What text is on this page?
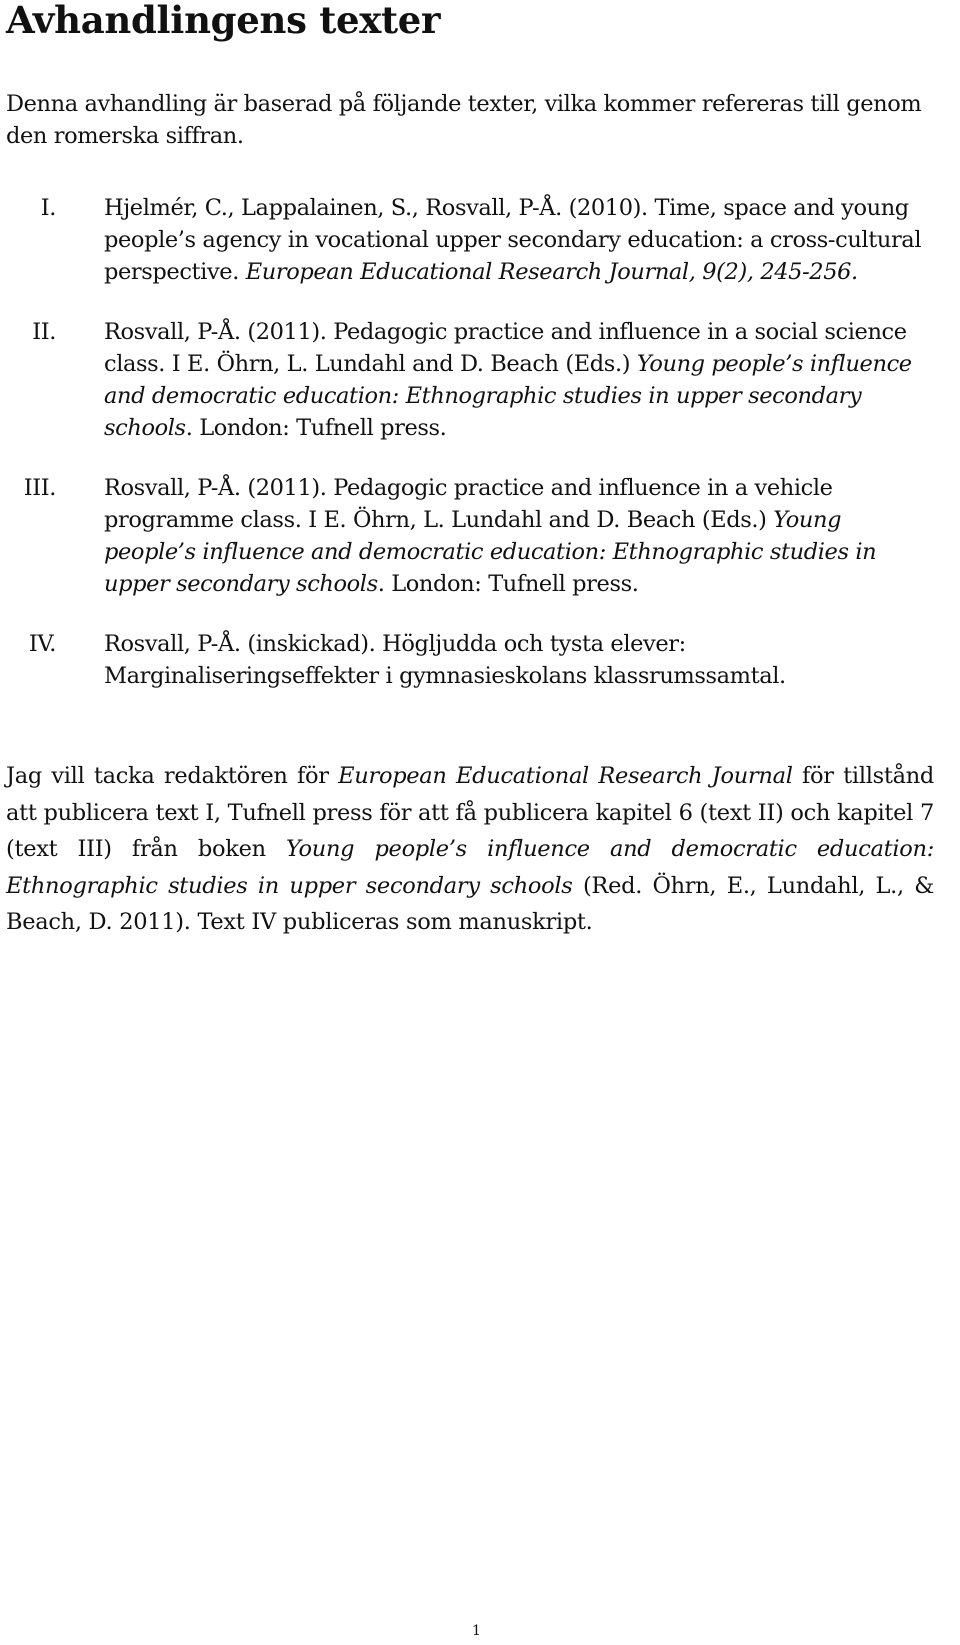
Avhandlingens texter

Denna avhandling är baserad på följande texter, vilka kommer refereras till genom den romerska siffran.

I. Hjelmér, C., Lappalainen, S., Rosvall, P-Å. (2010). Time, space and young people’s agency in vocational upper secondary education: a cross-cultural perspective. European Educational Research Journal, 9(2), 245-256.
II. Rosvall, P-Å. (2011). Pedagogic practice and influence in a social science class. I E. Öhrn, L. Lundahl and D. Beach (Eds.) Young people’s influence and democratic education: Ethnographic studies in upper secondary schools. London: Tufnell press.
III. Rosvall, P-Å. (2011). Pedagogic practice and influence in a vehicle programme class. I E. Öhrn, L. Lundahl and D. Beach (Eds.) Young people’s influence and democratic education: Ethnographic studies in upper secondary schools. London: Tufnell press.
IV. Rosvall, P-Å. (inskickad). Högljudda och tysta elever: Marginaliseringseffekter i gymnasieskolans klassrumssamtal.

Jag vill tacka redaktören för European Educational Research Journal för tillstånd att publicera text I, Tufnell press för att få publicera kapitel 6 (text II) och kapitel 7 (text III) från boken Young people’s influence and democratic education: Ethnographic studies in upper secondary schools (Red. Öhrn, E., Lundahl, L., & Beach, D. 2011). Text IV publiceras som manuskript.

1
